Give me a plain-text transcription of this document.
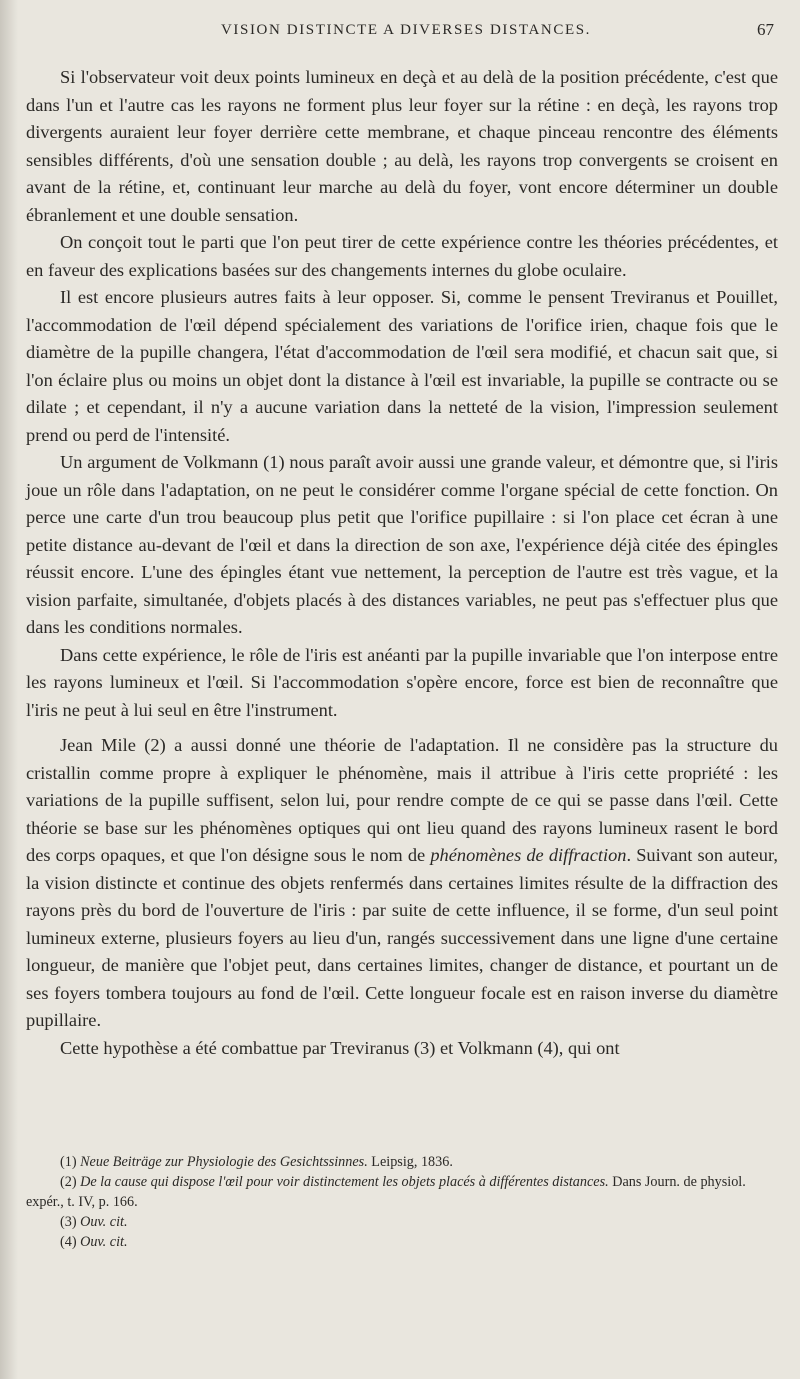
VISION DISTINCTE A DIVERSES DISTANCES.	67

Si l'observateur voit deux points lumineux en deçà et au delà de la position précédente, c'est que dans l'un et l'autre cas les rayons ne forment plus leur foyer sur la rétine : en deçà, les rayons trop divergents auraient leur foyer derrière cette membrane, et chaque pinceau rencontre des éléments sensibles différents, d'où une sensation double ; au delà, les rayons trop convergents se croisent en avant de la rétine, et, continuant leur marche au delà du foyer, vont encore déterminer un double ébranlement et une double sensation.

On conçoit tout le parti que l'on peut tirer de cette expérience contre les théories précédentes, et en faveur des explications basées sur des changements internes du globe oculaire.

Il est encore plusieurs autres faits à leur opposer. Si, comme le pensent Treviranus et Pouillet, l'accommodation de l'œil dépend spécialement des variations de l'orifice irien, chaque fois que le diamètre de la pupille changera, l'état d'accommodation de l'œil sera modifié, et chacun sait que, si l'on éclaire plus ou moins un objet dont la distance à l'œil est invariable, la pupille se contracte ou se dilate ; et cependant, il n'y a aucune variation dans la netteté de la vision, l'impression seulement prend ou perd de l'intensité.

Un argument de Volkmann (1) nous paraît avoir aussi une grande valeur, et démontre que, si l'iris joue un rôle dans l'adaptation, on ne peut le considérer comme l'organe spécial de cette fonction. On perce une carte d'un trou beaucoup plus petit que l'orifice pupillaire : si l'on place cet écran à une petite distance au-devant de l'œil et dans la direction de son axe, l'expérience déjà citée des épingles réussit encore. L'une des épingles étant vue nettement, la perception de l'autre est très vague, et la vision parfaite, simultanée, d'objets placés à des distances variables, ne peut pas s'effectuer plus que dans les conditions normales.

Dans cette expérience, le rôle de l'iris est anéanti par la pupille invariable que l'on interpose entre les rayons lumineux et l'œil. Si l'accommodation s'opère encore, force est bien de reconnaître que l'iris ne peut à lui seul en être l'instrument.

Jean Mile (2) a aussi donné une théorie de l'adaptation. Il ne considère pas la structure du cristallin comme propre à expliquer le phénomène, mais il attribue à l'iris cette propriété : les variations de la pupille suffisent, selon lui, pour rendre compte de ce qui se passe dans l'œil. Cette théorie se base sur les phénomènes optiques qui ont lieu quand des rayons lumineux rasent le bord des corps opaques, et que l'on désigne sous le nom de phénomènes de diffraction. Suivant son auteur, la vision distincte et continue des objets renfermés dans certaines limites résulte de la diffraction des rayons près du bord de l'ouverture de l'iris : par suite de cette influence, il se forme, d'un seul point lumineux externe, plusieurs foyers au lieu d'un, rangés successivement dans une ligne d'une certaine longueur, de manière que l'objet peut, dans certaines limites, changer de distance, et pourtant un de ses foyers tombera toujours au fond de l'œil. Cette longueur focale est en raison inverse du diamètre pupillaire.

Cette hypothèse a été combattue par Treviranus (3) et Volkmann (4), qui ont

(1) Neue Beiträge zur Physiologie des Gesichtssinnes. Leipsig, 1836.

(2) De la cause qui dispose l'œil pour voir distinctement les objets placés à différentes distances. Dans Journ. de physiol. expér., t. IV, p. 166.

(3) Ouv. cit.

(4) Ouv. cit.
